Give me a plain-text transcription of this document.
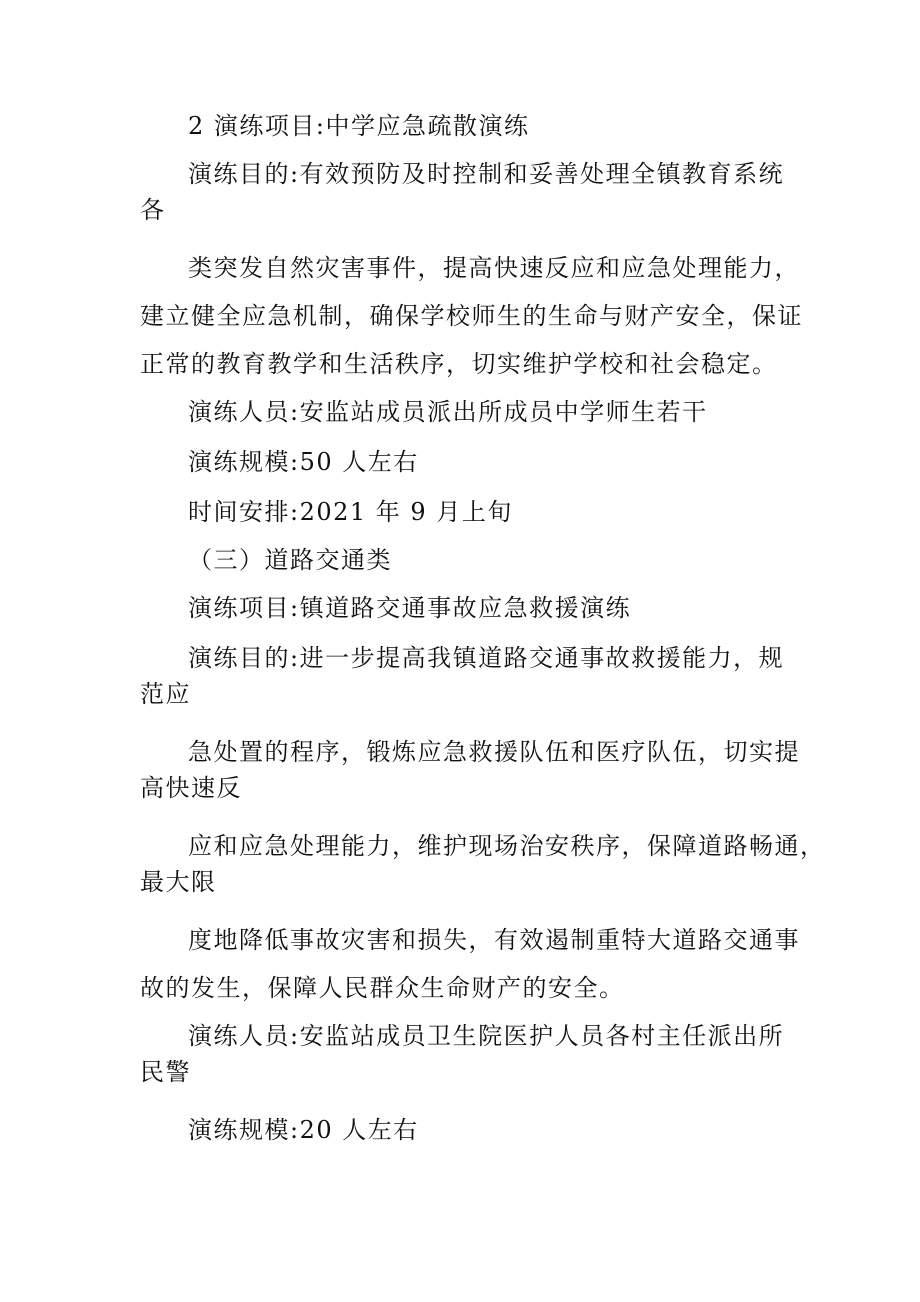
2 演练项目:中学应急疏散演练

演练目的:有效预防及时控制和妥善处理全镇教育系统

各

类突发自然灾害事件，提高快速反应和应急处理能力，

建立健全应急机制，确保学校师生的生命与财产安全，保证

正常的教育教学和生活秩序，切实维护学校和社会稳定。

演练人员:安监站成员派出所成员中学师生若干

演练规模:50 人左右

时间安排:2021 年 9 月上旬

（三）道路交通类

演练项目:镇道路交通事故应急救援演练

演练目的:进一步提高我镇道路交通事故救援能力，规

范应

急处置的程序，锻炼应急救援队伍和医疗队伍，切实提

高快速反

应和应急处理能力，维护现场治安秩序，保障道路畅通，

最大限

度地降低事故灾害和损失，有效遏制重特大道路交通事

故的发生，保障人民群众生命财产的安全。

演练人员:安监站成员卫生院医护人员各村主任派出所

民警

演练规模:20 人左右
